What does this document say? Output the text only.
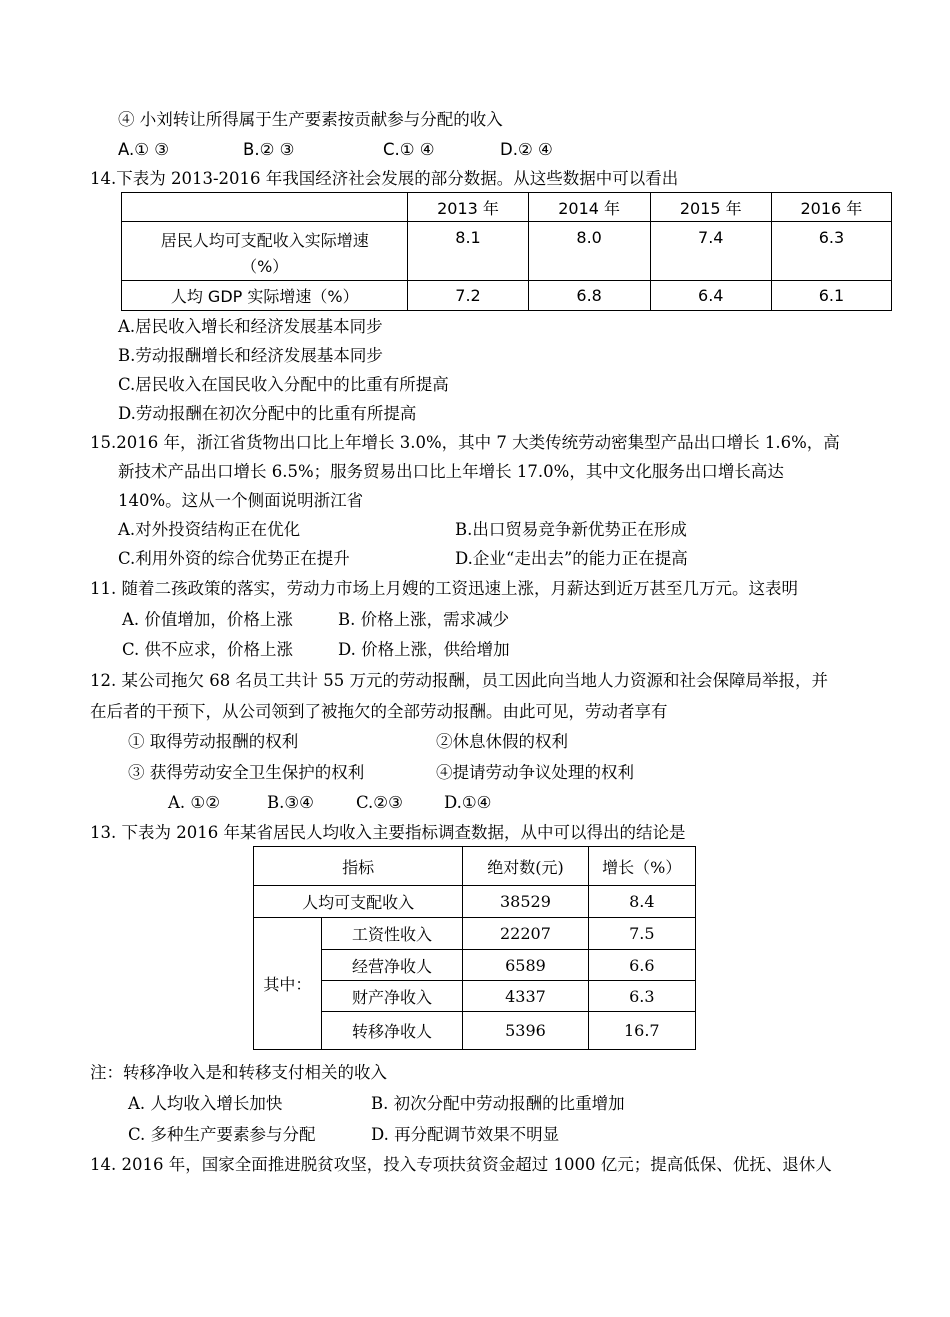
④ 小刘转让所得属于生产要素按贡献参与分配的收入
A.① ③	B.② ③	C.① ④	D.② ④
14.下表为 2013-2016 年我国经济社会发展的部分数据。从这些数据中可以看出
	2013 年	2014 年	2015 年	2016 年

居民人均可支配收入实际增速
（%）	8.1	8.0	7.4	6.3
人均 GDP 实际增速（%）	7.2	6.8	6.4	6.1
A.居民收入增长和经济发展基本同步
B.劳动报酬增长和经济发展基本同步
C.居民收入在国民收入分配中的比重有所提高
D.劳动报酬在初次分配中的比重有所提高
15.2016 年，浙江省货物出口比上年增长 3.0%，其中 7 大类传统劳动密集型产品出口增长 1.6%，高
新技术产品出口增长 6.5%；服务贸易出口比上年增长 17.0%，其中文化服务出口增长高达
140%。这从一个侧面说明浙江省
A.对外投资结构正在优化	B.出口贸易竞争新优势正在形成
C.利用外资的综合优势正在提升	D.企业“走出去”的能力正在提高
11. 随着二孩政策的落实，劳动力市场上月嫂的工资迅速上涨，月薪达到近万甚至几万元。这表明
A. 价值增加，价格上涨	B. 价格上涨，需求减少
C. 供不应求，价格上涨	D. 价格上涨，供给增加
12. 某公司拖欠 68 名员工共计 55 万元的劳动报酬，员工因此向当地人力资源和社会保障局举报，并
在后者的干预下，从公司领到了被拖欠的全部劳动报酬。由此可见，劳动者享有
① 取得劳动报酬的权利	②休息休假的权利
③ 获得劳动安全卫生保护的权利	④提请劳动争议处理的权利
A. ①②	B.③④	C.②③ D.①④
13. 下表为 2016 年某省居民人均收入主要指标调查数据，从中可以得出的结论是
指标		绝对数(元)	增长（%）
人均可支配收入		38529	8.4
其中：	工资性收入	22207	7.5
	经营净收人	6589	6.6
	财产净收入	4337	6.3
	转移净收人	5396	16.7
注：转移净收入是和转移支付相关的收入
A. 人均收入增长加快	B. 初次分配中劳动报酬的比重增加
C. 多种生产要素参与分配	D. 再分配调节效果不明显
14. 2016 年，国家全面推进脱贫攻坚，投入专项扶贫资金超过 1000 亿元；提高低保、优抚、退休人
